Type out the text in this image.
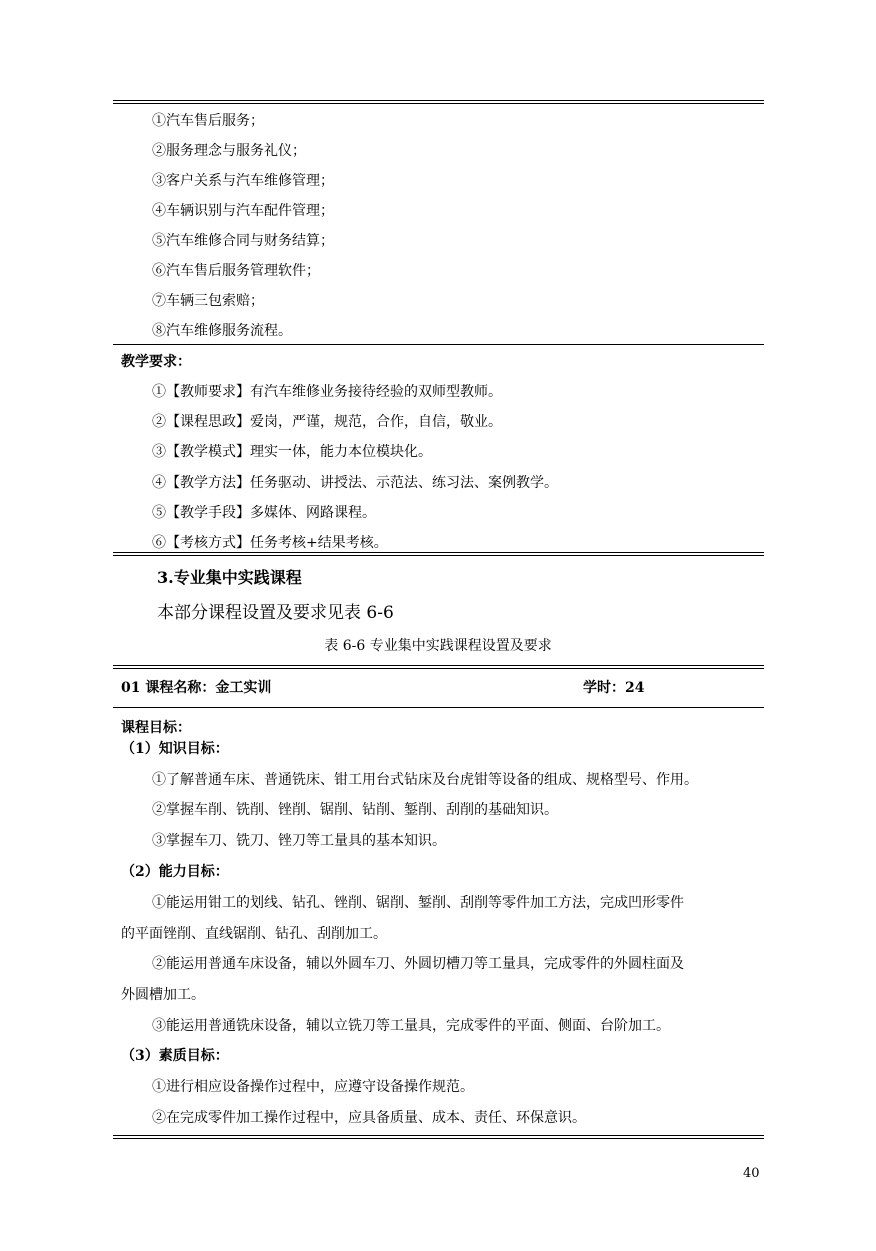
①汽车售后服务；
②服务理念与服务礼仪；
③客户关系与汽车维修管理；
④车辆识别与汽车配件管理；
⑤汽车维修合同与财务结算；
⑥汽车售后服务管理软件；
⑦车辆三包索赔；
⑧汽车维修服务流程。
教学要求：
①【教师要求】有汽车维修业务接待经验的双师型教师。
②【课程思政】爱岗，严谨，规范，合作，自信，敬业。
③【教学模式】理实一体，能力本位模块化。
④【教学方法】任务驱动、讲授法、示范法、练习法、案例教学。
⑤【教学手段】多媒体、网路课程。
⑥【考核方式】任务考核+结果考核。
3.专业集中实践课程
本部分课程设置及要求见表 6-6
表 6-6 专业集中实践课程设置及要求
01 课程名称：金工实训	学时：24
课程目标：
（1）知识目标：
①了解普通车床、普通铣床、钳工用台式钻床及台虎钳等设备的组成、规格型号、作用。
②掌握车削、铣削、锉削、锯削、钻削、錾削、刮削的基础知识。
③掌握车刀、铣刀、锉刀等工量具的基本知识。
（2）能力目标：
①能运用钳工的划线、钻孔、锉削、锯削、錾削、刮削等零件加工方法，完成凹形零件
的平面锉削、直线锯削、钻孔、刮削加工。
②能运用普通车床设备，辅以外圆车刀、外圆切槽刀等工量具，完成零件的外圆柱面及
外圆槽加工。
③能运用普通铣床设备，辅以立铣刀等工量具，完成零件的平面、侧面、台阶加工。
（3）素质目标：
①进行相应设备操作过程中，应遵守设备操作规范。
②在完成零件加工操作过程中，应具备质量、成本、责任、环保意识。
40
